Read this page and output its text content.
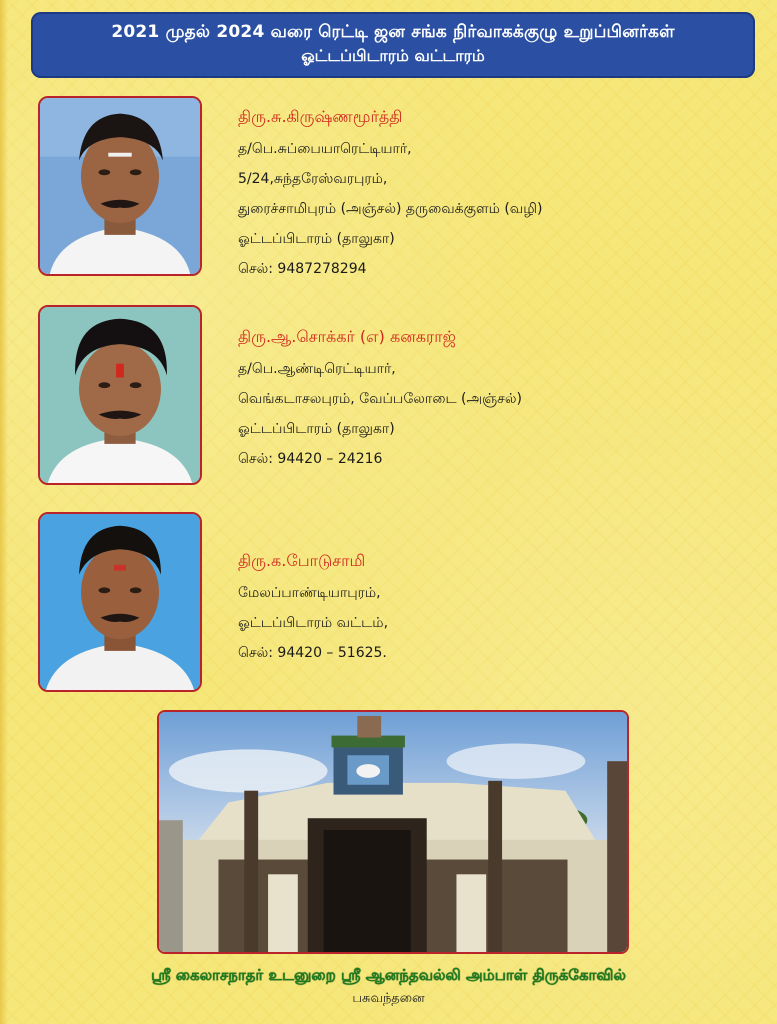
2021 முதல் 2024 வரை ரெட்டி ஜன சங்க நிர்வாகக்குழு உறுப்பினர்கள்
ஓட்டப்பிடாரம் வட்டாரம்
திரு.சு.கிருஷ்ணமூர்த்தி
த/பெ.சுப்பையாரெட்டியார்,
5/24,சுந்தரேஸ்வரபுரம்,
துரைச்சாமிபுரம் (அஞ்சல்) தருவைக்குளம் (வழி)
ஓட்டப்பிடாரம் (தாலுகா)
செல்: 9487278294
திரு.ஆ.சொக்கர் (எ) கனகராஜ்
த/பெ.ஆண்டிரெட்டியார்,
வெங்கடாசலபுரம், வேப்பலோடை (அஞ்சல்)
ஓட்டப்பிடாரம் (தாலுகா)
செல்: 94420 – 24216
திரு.க.போடுசாமி
மேலப்பாண்டியாபுரம்,
ஓட்டப்பிடாரம் வட்டம்,
செல்: 94420 – 51625.
ஸ்ரீ கைலாசநாதர் உடனுறை ஸ்ரீ ஆனந்தவல்லி அம்பாள் திருக்கோவில்
பசுவந்தனை
